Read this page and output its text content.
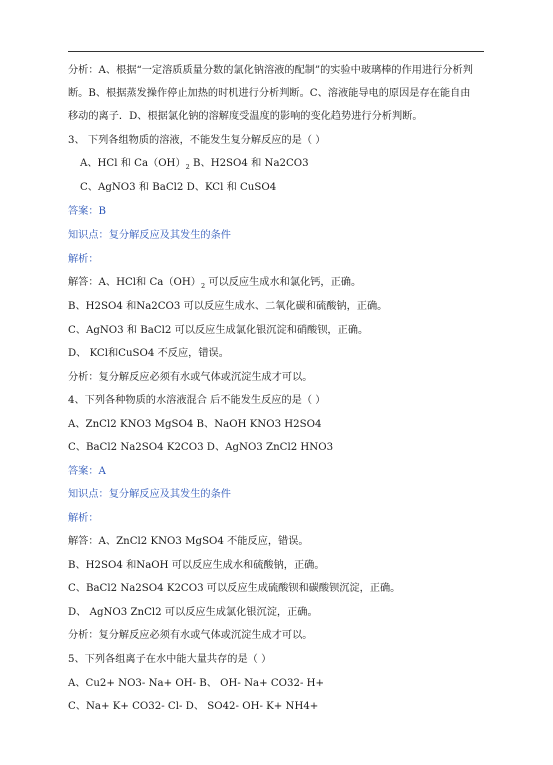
分析：A、根据“一定溶质质量分数的氯化钠溶液的配制”的实验中玻璃棒的作用进行分析判
断。B、根据蒸发操作停止加热的时机进行分析判断。C、溶液能导电的原因是存在能自由
移动的离子．D、根据氯化钠的溶解度受温度的影响的变化趋势进行分析判断。
3、 下列各组物质的溶液，不能发生复分解反应的是（ ）
A、HCl 和 $Ca(OH)_2$ B、H2SO4 和 Na2CO3
C、AgNO3 和 BaCl2 D、KCl 和 CuSO4
答案：B
知识点：复分解反应及其发生的条件
解析：
解答：A、HCl和 $Ca(OH)_2$ 可以反应生成水和氯化钙，正确。
B、H2SO4 和Na2CO3 可以反应生成水、二氧化碳和硫酸钠，正确。
C、AgNO3 和 BaCl2 可以反应生成氯化银沉淀和硝酸钡，正确。
D、 KCl和CuSO4 不反应，错误。
分析：复分解反应必须有水或气体或沉淀生成才可以。
4、下列各种物质的水溶液混合 后不能发生反应的是（ ）
A、ZnCl2 KNO3 MgSO4 B、NaOH KNO3 H2SO4
C、BaCl2 Na2SO4 K2CO3 D、AgNO3 ZnCl2 HNO3
答案：A
知识点：复分解反应及其发生的条件
解析：
解答：A、ZnCl2 KNO3 MgSO4 不能反应，错误。
B、H2SO4 和NaOH 可以反应生成水和硫酸钠，正确。
C、BaCl2 Na2SO4 K2CO3 可以反应生成硫酸钡和碳酸钡沉淀，正确。
D、 AgNO3 ZnCl2 可以反应生成氯化银沉淀，正确。
分析：复分解反应必须有水或气体或沉淀生成才可以。
5、下列各组离子在水中能大量共存的是（ ）
A、Cu2+ NO3- Na+ OH- B、 OH- Na+ CO32- H+
C、Na+ K+ CO32- Cl- D、 SO42- OH- K+ NH4+
